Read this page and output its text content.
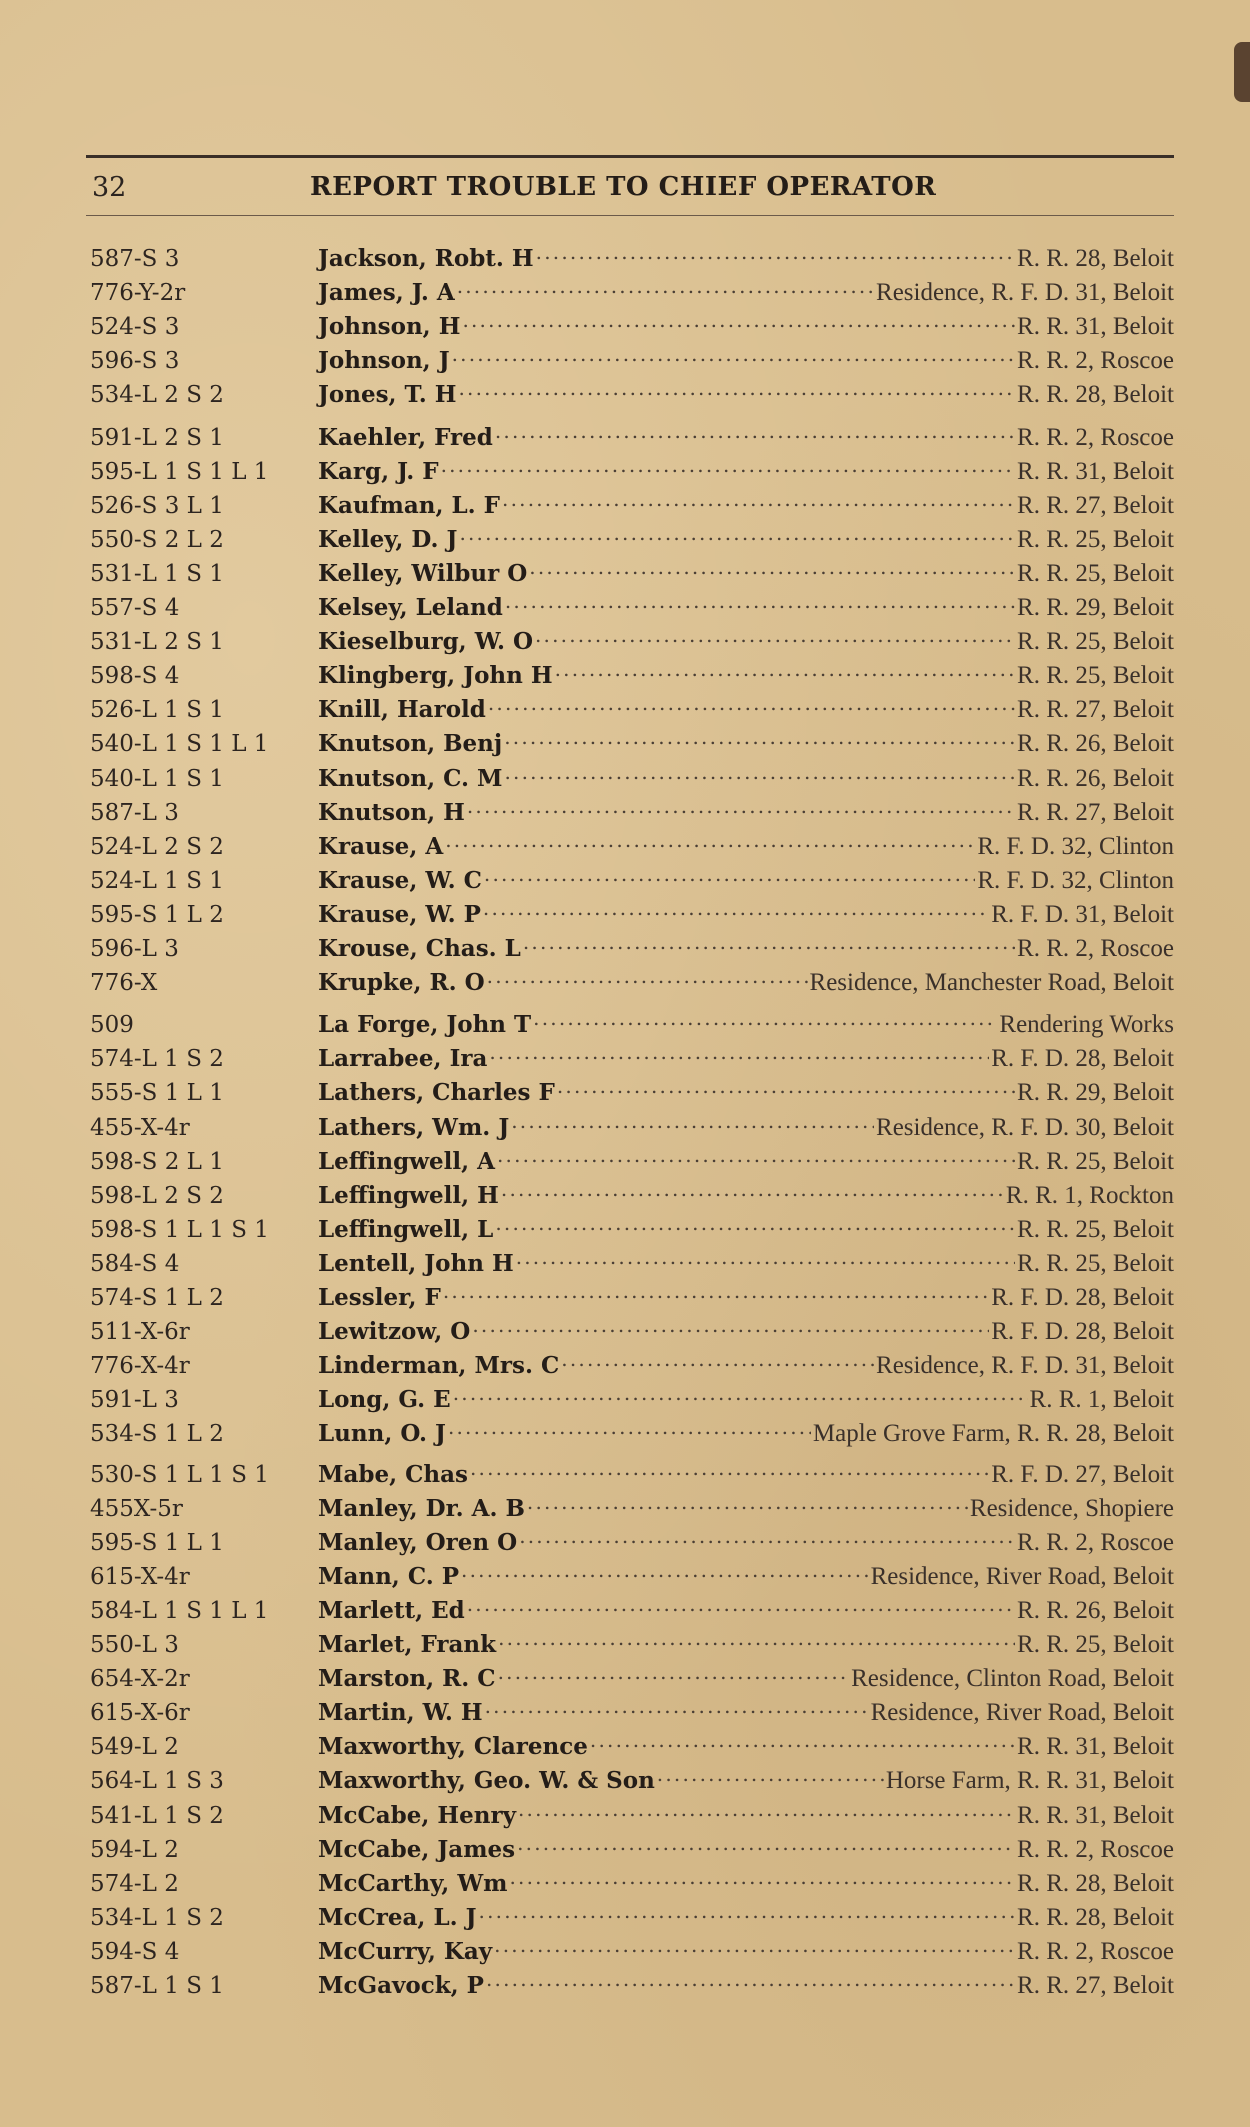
32	REPORT TROUBLE TO CHIEF OPERATOR
587-S 3	Jackson, Robt. H .....	R. R. 28, Beloit
776-Y-2r	James, J. A .....	Residence, R. F. D. 31, Beloit
524-S 3	Johnson, H .....	R. R. 31, Beloit
596-S 3	Johnson, J .....	R. R. 2, Roscoe
534-L 2 S 2	Jones, T. H .....	R. R. 28, Beloit
591-L 2 S 1	Kaehler, Fred .....	R. R. 2, Roscoe
595-L 1 S 1 L 1	Karg, J. F .....	R. R. 31, Beloit
526-S 3 L 1	Kaufman, L. F .....	R. R. 27, Beloit
550-S 2 L 2	Kelley, D. J .....	R. R. 25, Beloit
531-L 1 S 1	Kelley, Wilbur O .....	R. R. 25, Beloit
557-S 4	Kelsey, Leland .....	R. R. 29, Beloit
531-L 2 S 1	Kieselburg, W. O .....	R. R. 25, Beloit
598-S 4	Klingberg, John H .....	R. R. 25, Beloit
526-L 1 S 1	Knill, Harold .....	R. R. 27, Beloit
540-L 1 S 1 L 1	Knutson, Benj .....	R. R. 26, Beloit
540-L 1 S 1	Knutson, C. M .....	R. R. 26, Beloit
587-L 3	Knutson, H .....	R. R. 27, Beloit
524-L 2 S 2	Krause, A .....	R. F. D. 32, Clinton
524-L 1 S 1	Krause, W. C .....	R. F. D. 32, Clinton
595-S 1 L 2	Krause, W. P .....	R. F. D. 31, Beloit
596-L 3	Krouse, Chas. L .....	R. R. 2, Roscoe
776-X	Krupke, R. O .....	Residence, Manchester Road, Beloit
509	La Forge, John T .....	Rendering Works
574-L 1 S 2	Larrabee, Ira .....	R. F. D. 28, Beloit
555-S 1 L 1	Lathers, Charles F .....	R. R. 29, Beloit
455-X-4r	Lathers, Wm. J .....	Residence, R. F. D. 30, Beloit
598-S 2 L 1	Leffingwell, A .....	R. R. 25, Beloit
598-L 2 S 2	Leffingwell, H .....	R. R. 1, Rockton
598-S 1 L 1 S 1	Leffingwell, L .....	R. R. 25, Beloit
584-S 4	Lentell, John H .....	R. R. 25, Beloit
574-S 1 L 2	Lessler, F .....	R. F. D. 28, Beloit
511-X-6r	Lewitzow, O .....	R. F. D. 28, Beloit
776-X-4r	Linderman, Mrs. C .....	Residence, R. F. D. 31, Beloit
591-L 3	Long, G. E .....	R. R. 1, Beloit
534-S 1 L 2	Lunn, O. J .....	Maple Grove Farm, R. R. 28, Beloit
530-S 1 L 1 S 1	Mabe, Chas .....	R. F. D. 27, Beloit
455X-5r	Manley, Dr. A. B .....	Residence, Shopiere
595-S 1 L 1	Manley, Oren O .....	R. R. 2, Roscoe
615-X-4r	Mann, C. P .....	Residence, River Road, Beloit
584-L 1 S 1 L 1	Marlett, Ed .....	R. R. 26, Beloit
550-L 3	Marlet, Frank .....	R. R. 25, Beloit
654-X-2r	Marston, R. C .....	Residence, Clinton Road, Beloit
615-X-6r	Martin, W. H .....	Residence, River Road, Beloit
549-L 2	Maxworthy, Clarence .....	R. R. 31, Beloit
564-L 1 S 3	Maxworthy, Geo. W. & Son .....	Horse Farm, R. R. 31, Beloit
541-L 1 S 2	McCabe, Henry .....	R. R. 31, Beloit
594-L 2	McCabe, James .....	R. R. 2, Roscoe
574-L 2	McCarthy, Wm .....	R. R. 28, Beloit
534-L 1 S 2	McCrea, L. J .....	R. R. 28, Beloit
594-S 4	McCurry, Kay .....	R. R. 2, Roscoe
587-L 1 S 1	McGavock, P .....	R. R. 27, Beloit
